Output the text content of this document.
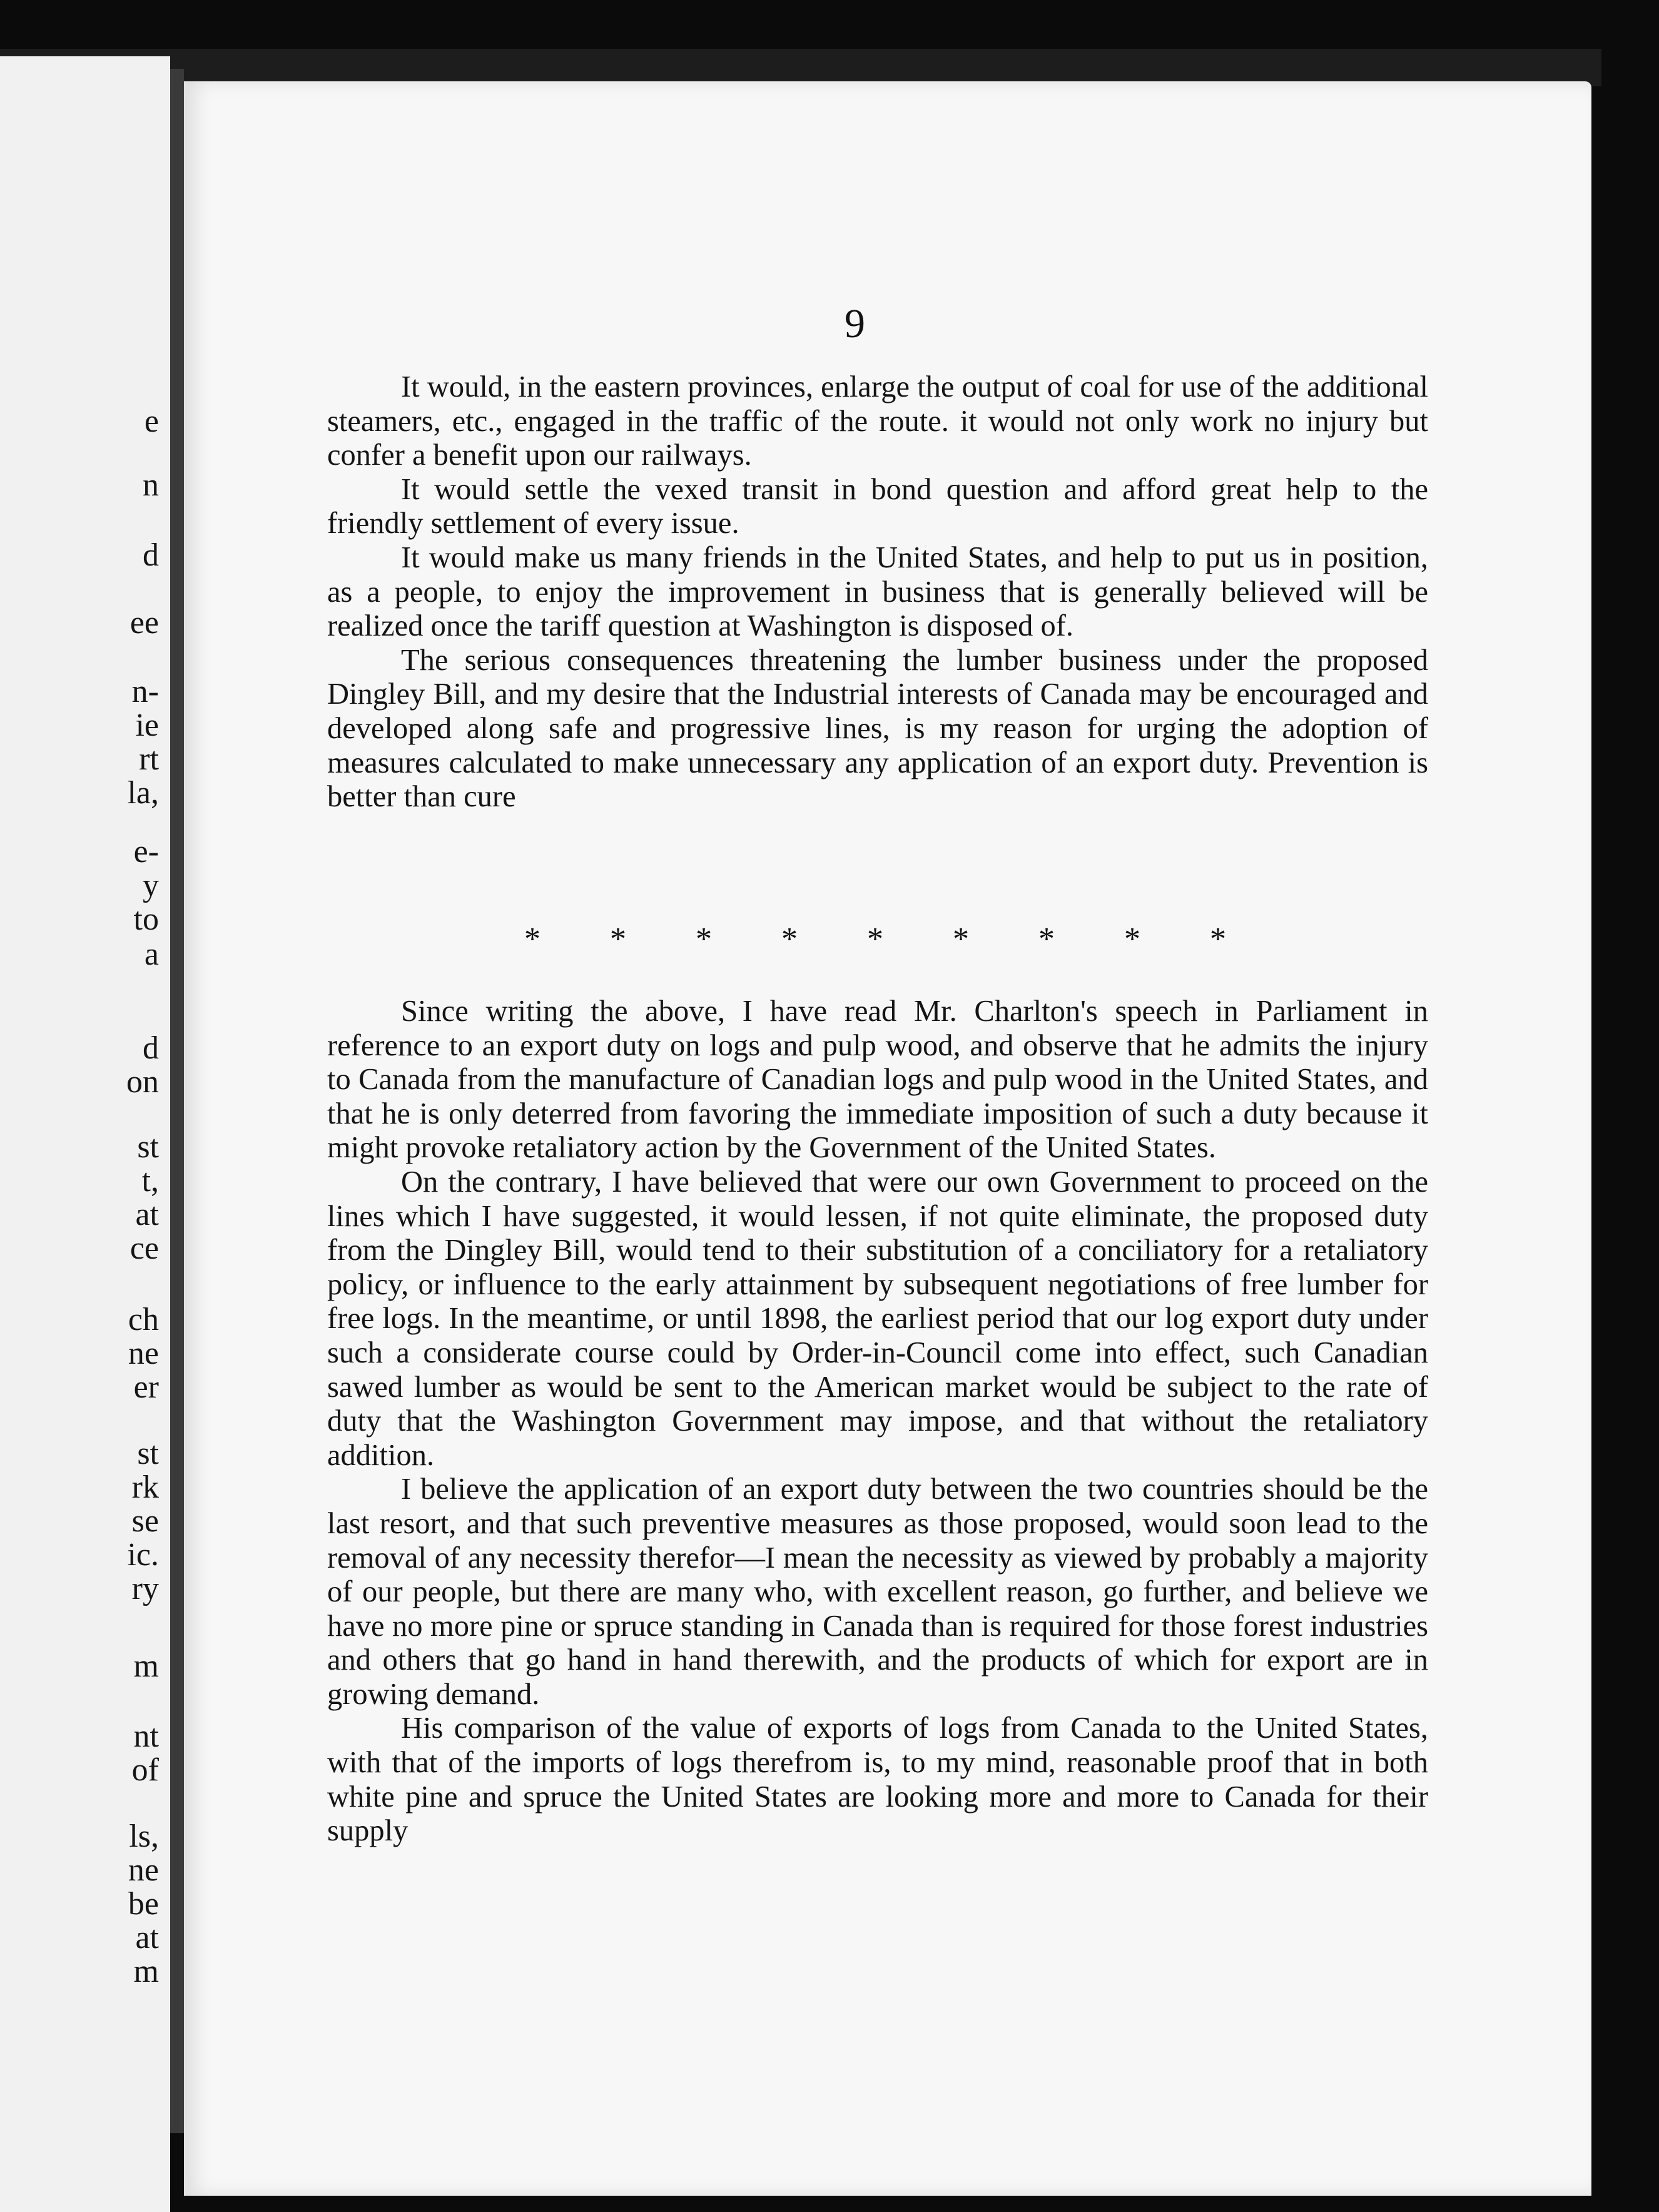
e
n
d
ee
n-
ie
rt
la,
e-
y
to
a
d
on
st
t,
at
ce
ch
ne
er
st
rk
se
ic.
ry
m
nt
of
ls,
ne
be
at
m
9

It would, in the eastern provinces, enlarge the output of coal for use of the additional steamers, etc., engaged in the traffic of the route. it would not only work no injury but confer a benefit upon our railways.

It would settle the vexed transit in bond question and afford great help to the friendly settlement of every issue.

It would make us many friends in the United States, and help to put us in position, as a people, to enjoy the improvement in business that is generally believed will be realized once the tariff question at Washington is disposed of.

The serious consequences threatening the lumber business under the proposed Dingley Bill, and my desire that the Industrial interests of Canada may be encouraged and developed along safe and progressive lines, is my reason for urging the adoption of measures calculated to make unnecessary any application of an export duty. Prevention is better than cure

* * * * * * * * *

Since writing the above, I have read Mr. Charlton's speech in Parliament in reference to an export duty on logs and pulp wood, and observe that he admits the injury to Canada from the manufacture of Canadian logs and pulp wood in the United States, and that he is only deterred from favoring the immediate imposition of such a duty because it might provoke retaliatory action by the Government of the United States.

On the contrary, I have believed that were our own Government to proceed on the lines which I have suggested, it would lessen, if not quite eliminate, the proposed duty from the Dingley Bill, would tend to their substitution of a conciliatory for a retaliatory policy, or influence to the early attainment by subsequent negotiations of free lumber for free logs. In the meantime, or until 1898, the earliest period that our log export duty under such a considerate course could by Order-in-Council come into effect, such Canadian sawed lumber as would be sent to the American market would be subject to the rate of duty that the Washington Government may impose, and that without the retaliatory addition.

I believe the application of an export duty between the two countries should be the last resort, and that such preventive measures as those proposed, would soon lead to the removal of any necessity therefor—I mean the necessity as viewed by probably a majority of our people, but there are many who, with excellent reason, go further, and believe we have no more pine or spruce standing in Canada than is required for those forest industries and others that go hand in hand therewith, and the products of which for export are in growing demand.

His comparison of the value of exports of logs from Canada to the United States, with that of the imports of logs therefrom is, to my mind, reasonable proof that in both white pine and spruce the United States are looking more and more to Canada for their supply
